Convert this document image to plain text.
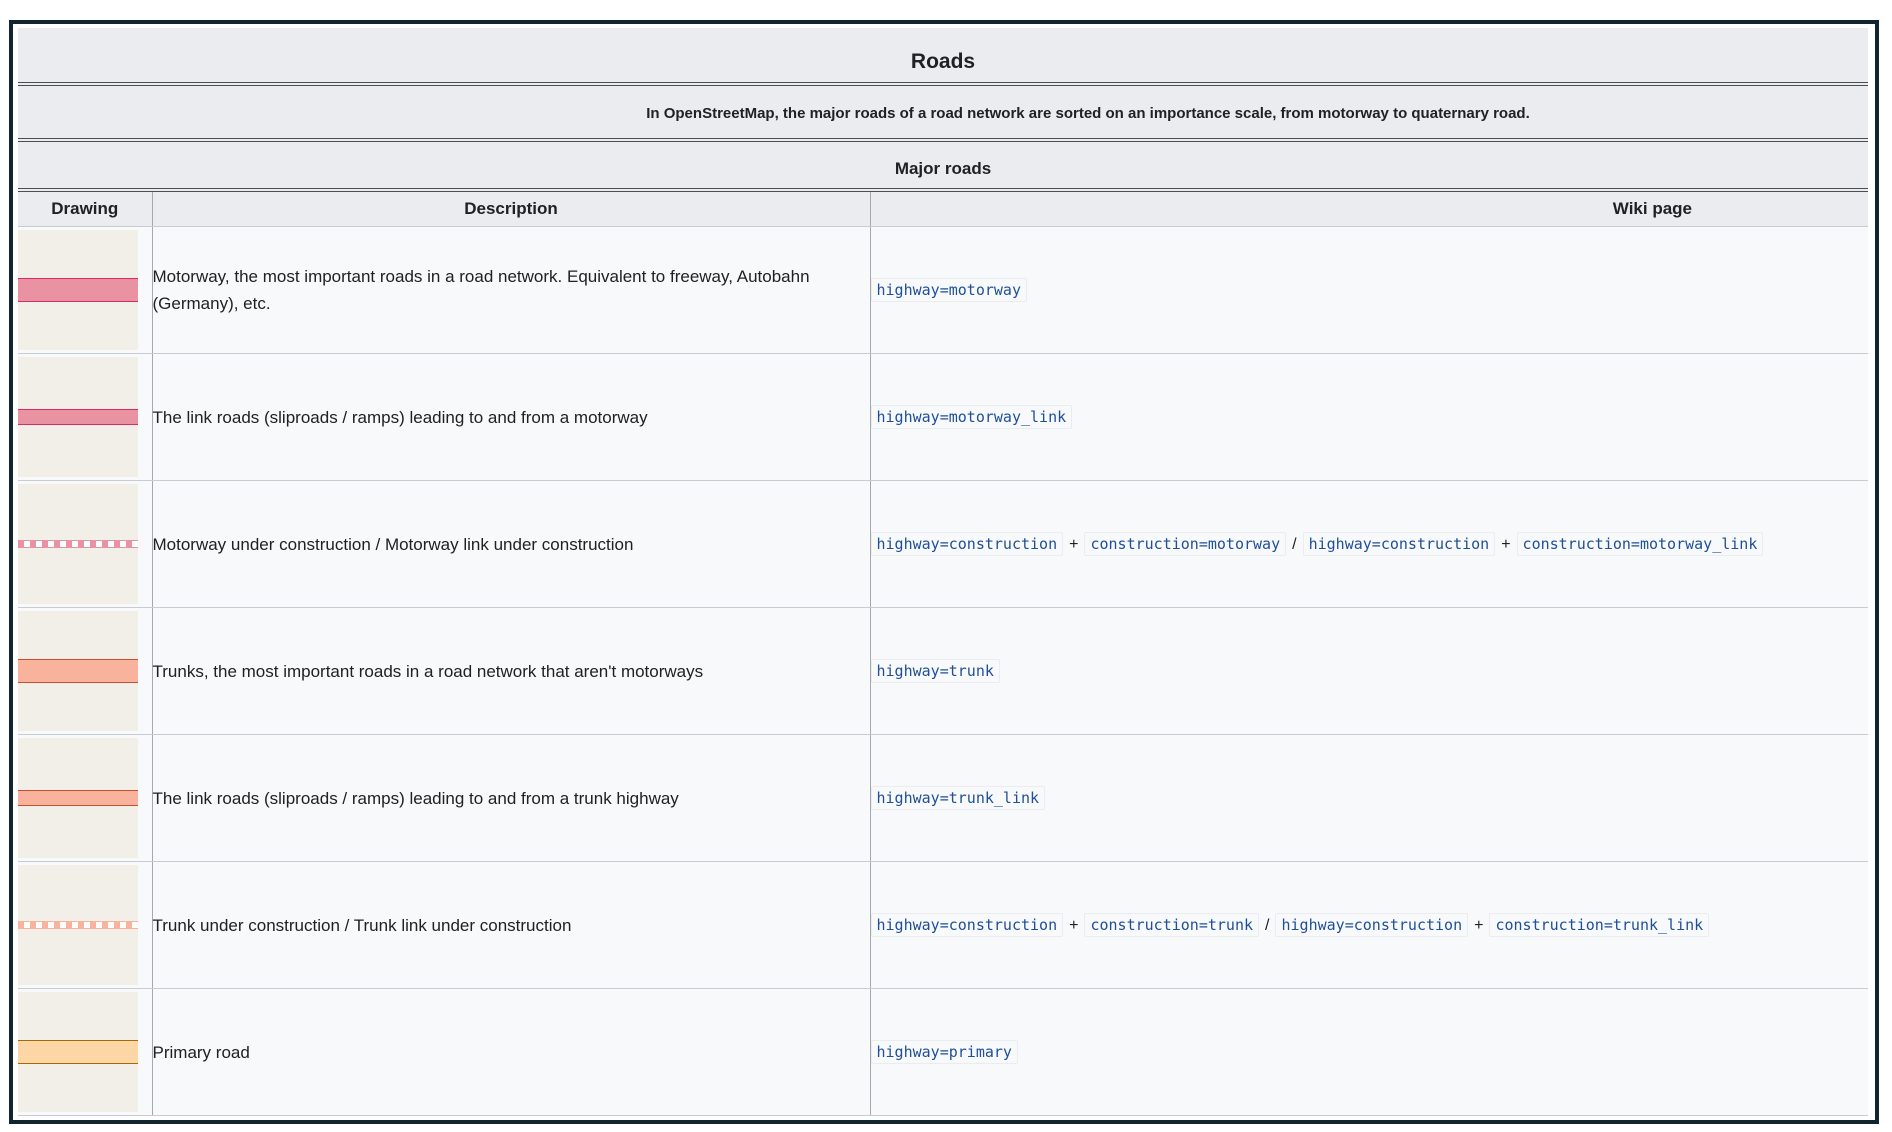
Roads
In OpenStreetMap, the major roads of a road network are sorted on an importance scale, from motorway to quaternary road.
Major roads
Drawing	Description	Wiki page

	Motorway, the most important roads in a road network. Equivalent to freeway, Autobahn (Germany), etc.	highway=motorway

	The link roads (sliproads / ramps) leading to and from a motorway	highway=motorway_link

	Motorway under construction / Motorway link under construction	highway=construction + construction=motorway / highway=construction + construction=motorway_link

	Trunks, the most important roads in a road network that aren't motorways	highway=trunk

	The link roads (sliproads / ramps) leading to and from a trunk highway	highway=trunk_link

	Trunk under construction / Trunk link under construction	highway=construction + construction=trunk / highway=construction + construction=trunk_link

	Primary road	highway=primary
